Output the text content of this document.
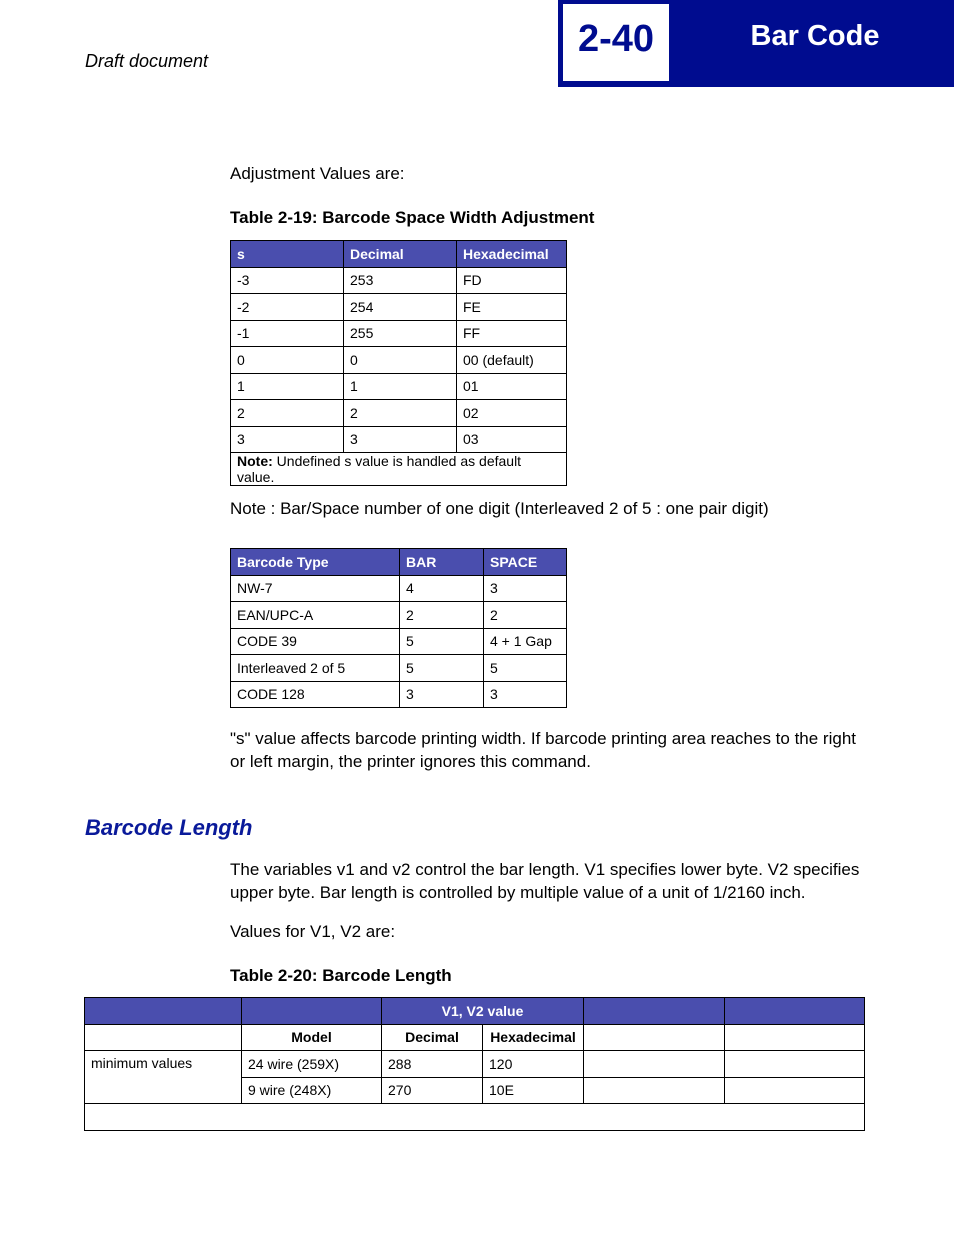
Draft document
2-40	Bar Code
Adjustment Values are:
Table 2-19: Barcode Space Width Adjustment
s	Decimal	Hexadecimal
-3	253	FD
-2	254	FE
-1	255	FF
0	0	00 (default)
1	1	01
2	2	02
3	3	03
Note: Undefined s value is handled as default value.		
Note : Bar/Space number of one digit (Interleaved 2 of 5 : one pair digit)
Barcode Type	BAR	SPACE
NW-7	4	3
EAN/UPC-A	2	2
CODE 39	5	4 + 1 Gap
Interleaved 2 of 5	5	5
CODE 128	3	3
"s" value affects barcode printing width. If barcode printing area reaches to the right or left margin, the printer ignores this command.
Barcode Length
The variables v1 and v2 control the bar length. V1 specifies lower byte. V2 specifies upper byte. Bar length is controlled by multiple value of a unit of 1/2160 inch.
Values for V1, V2 are:
Table 2-20: Barcode Length
		V1, V2 value			
	Model	Decimal	Hexadecimal		
minimum values	24 wire (259X)	288	120		
	9 wire (248X)	270	10E		
